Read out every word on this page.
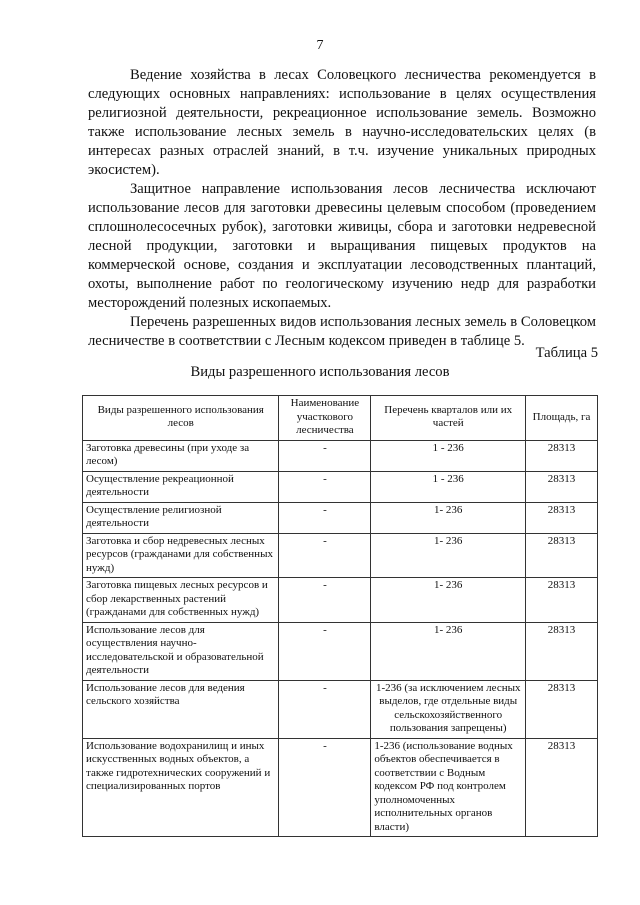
7

Ведение хозяйства в лесах Соловецкого лесничества рекомендуется в следующих основных направлениях: использование в целях осуществления религиозной деятельности, рекреационное использование земель. Возможно также использование лесных земель в научно-исследовательских целях (в интересах разных отраслей знаний, в т.ч. изучение уникальных природных экосистем).

Защитное направление использования лесов лесничества исключают использование лесов для заготовки древесины целевым способом (проведением сплошнолесосечных рубок), заготовки живицы, сбора и заготовки недревесной лесной продукции, заготовки и выращивания пищевых продуктов на коммерческой основе, создания и эксплуатации лесоводственных плантаций, охоты, выполнение работ по геологическому изучению недр для разработки месторождений полезных ископаемых.

Перечень разрешенных видов использования лесных земель в Соловецком лесничестве в соответствии с Лесным кодексом приведен в таблице 5.

Таблица 5
Виды разрешенного использования лесов
Виды разрешенного использования лесов	Наименование участкового лесничества	Перечень кварталов или их частей	Площадь, га
Заготовка древесины (при уходе за лесом)	-	1 - 236	28313
Осуществление рекреационной деятельности	-	1 - 236	28313
Осуществление религиозной деятельности	-	1- 236	28313
Заготовка и сбор недревесных лесных ресурсов (гражданами для собственных нужд)	-	1- 236	28313
Заготовка пищевых лесных ресурсов и сбор лекарственных растений (гражданами для собственных нужд)	-	1- 236	28313
Использование лесов для осуществления научно-исследовательской и образовательной деятельности	-	1- 236	28313
Использование лесов для ведения сельского хозяйства	-	1-236 (за исключением лесных выделов, где отдельные виды сельскохозяйственного пользования запрещены)	28313
Использование водохранилищ и иных искусственных водных объектов, а также гидротехнических сооружений и специализированных портов	-	1-236 (использование водных объектов обеспечивается в соответствии с Водным кодексом РФ под контролем уполномоченных исполнительных органов власти)	28313
